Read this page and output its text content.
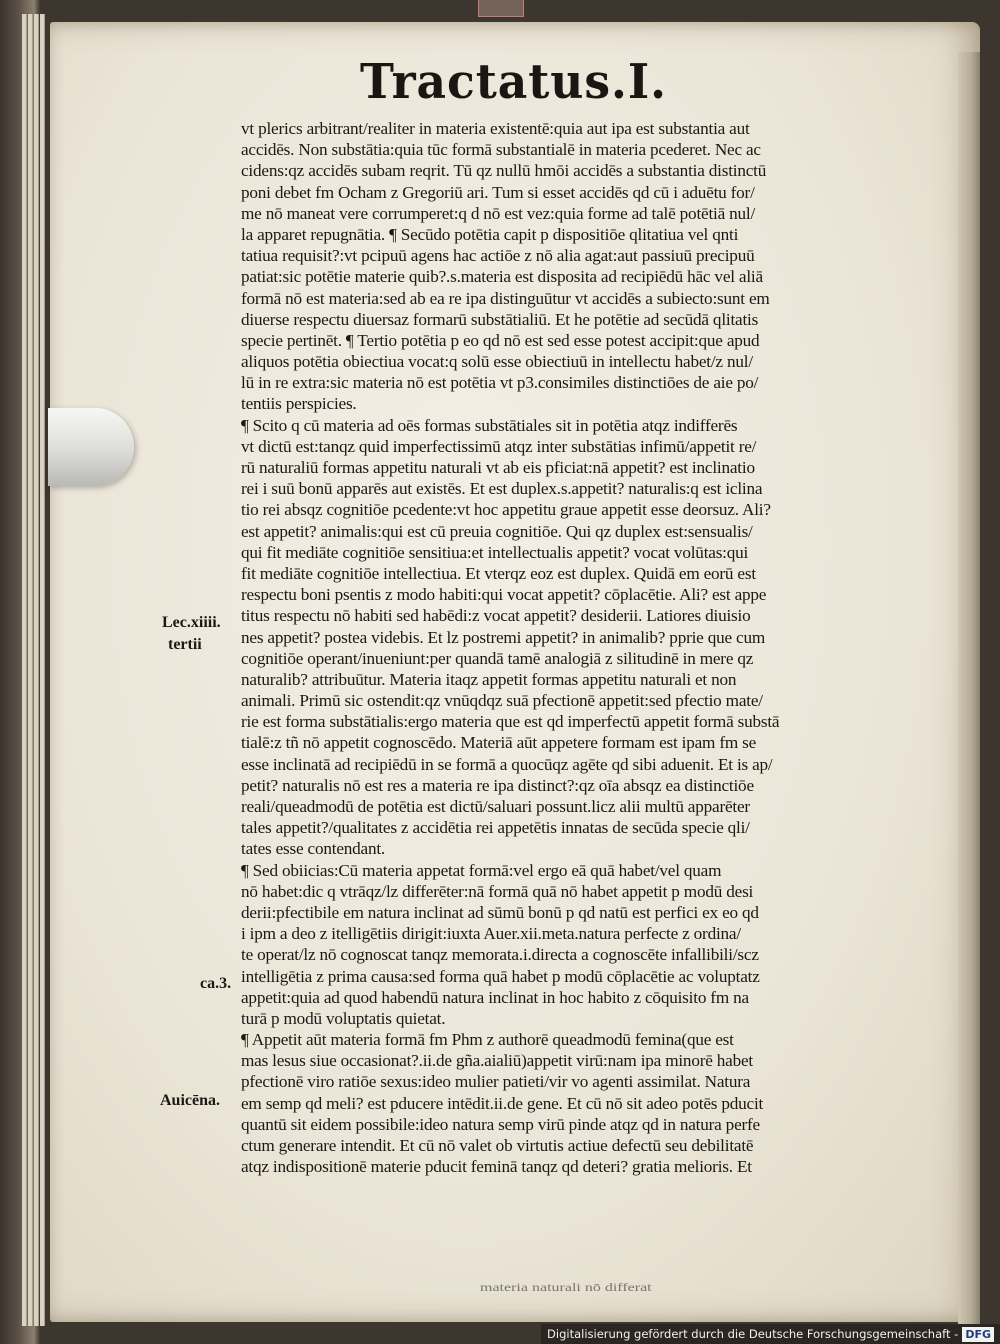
Tractatus.I.
vt plerics arbitrant/realiter in materia existentē:quia aut ipa est substantia aut
accidēs. Non substātia:quia tūc formā substantialē in materia pcederet. Nec ac
cidens:qz accidēs subam reqrit. Tū qz nullū hmōi accidēs a substantia distinctū
poni debet fm Ocham z Gregoriū ari. Tum si esset accidēs qd cū i aduētu for/
me nō maneat vere corrumperet:q d nō est vez:quia forme ad talē potētiā nul/
la apparet repugnātia. ¶ Secūdo potētia capit p dispositiōe qlitatiua vel qnti
tatiua requisit?:vt pcipuū agens hac actiōe z nō alia agat:aut passiuū precipuū
patiat:sic potētie materie quib?.s.materia est disposita ad recipiēdū hāc vel aliā
formā nō est materia:sed ab ea re ipa distinguūtur vt accidēs a subiecto:sunt em
diuerse respectu diuersaz formarū substātialiū. Et he potētie ad secūdā qlitatis
specie pertinēt. ¶ Tertio potētia p eo qd nō est sed esse potest accipit:que apud
aliquos potētia obiectiua vocat:q solū esse obiectiuū in intellectu habet/z nul/
lū in re extra:sic materia nō est potētia vt p3.consimiles distinctiōes de aie po/
tentiis perspicies.
¶ Scito q cū materia ad oēs formas substātiales sit in potētia atqz indifferēs
vt dictū est:tanqz quid imperfectissimū atqz inter substātias infimū/appetit re/
rū naturaliū formas appetitu naturali vt ab eis pficiat:nā appetit? est inclinatio
rei i suū bonū apparēs aut existēs. Et est duplex.s.appetit? naturalis:q est iclina
tio rei absqz cognitiōe pcedente:vt hoc appetitu graue appetit esse deorsuz. Ali?
est appetit? animalis:qui est cū preuia cognitiōe. Qui qz duplex est:sensualis/
qui fit mediāte cognitiōe sensitiua:et intellectualis appetit? vocat volūtas:qui
fit mediāte cognitiōe intellectiua. Et vterqz eoz est duplex. Quidā em eorū est
respectu boni psentis z modo habiti:qui vocat appetit? cōplacētie. Ali? est appe
titus respectu nō habiti sed habēdi:z vocat appetit? desiderii. Latiores diuisio
nes appetit? postea videbis. Et lz postremi appetit? in animalib? pprie que cum
cognitiōe operant/inueniunt:per quandā tamē analogiā z silitudinē in mere qz
naturalib? attribuūtur. Materia itaqz appetit formas appetitu naturali et non
animali. Primū sic ostendit:qz vnūqdqz suā pfectionē appetit:sed pfectio mate/
rie est forma substātialis:ergo materia que est qd imperfectū appetit formā substā
tialē:z tñ nō appetit cognoscēdo. Materiā aūt appetere formam est ipam fm se
esse inclinatā ad recipiēdū in se formā a quocūqz agēte qd sibi aduenit. Et is ap/
petit? naturalis nō est res a materia re ipa distinct?:qz oīa absqz ea distinctiōe
reali/queadmodū de potētia est dictū/saluari possunt.licz alii multū apparēter
tales appetit?/qualitates z accidētia rei appetētis innatas de secūda specie qli/
tates esse contendant.
¶ Sed obiicias:Cū materia appetat formā:vel ergo eā quā habet/vel quam
nō habet:dic q vtrāqz/lz differēter:nā formā quā nō habet appetit p modū desi
derii:pfectibile em natura inclinat ad sūmū bonū p qd natū est perfici ex eo qd
i ipm a deo z itelligētiis dirigit:iuxta Auer.xii.meta.natura perfecte z ordina/
te operat/lz nō cognoscat tanqz memorata.i.directa a cognoscēte infallibili/scz
intelligētia z prima causa:sed forma quā habet p modū cōplacētie ac voluptatz
appetit:quia ad quod habendū natura inclinat in hoc habito z cōquisito fm na
turā p modū voluptatis quietat.
¶ Appetit aūt materia formā fm Phm z authorē queadmodū femina(que est
mas lesus siue occasionat?.ii.de gña.aialiū)appetit virū:nam ipa minorē habet
pfectionē viro ratiōe sexus:ideo mulier patieti/vir vo agenti assimilat. Natura
em semp qd meli? est pducere intēdit.ii.de gene. Et cū nō sit adeo potēs pducit
quantū sit eidem possibile:ideo natura semp virū pinde atqz qd in natura perfe
ctum generare intendit. Et cū nō valet ob virtutis actiue defectū seu debilitatē
atqz indispositionē materie pducit feminā tanqz qd deteri? gratia melioris. Et
Lec.xiiii.
tertii
ca.3.
Auicēna.
materia naturali nō differat
Digitalisierung gefördert durch die Deutsche Forschungsgemeinschaft - DFG
